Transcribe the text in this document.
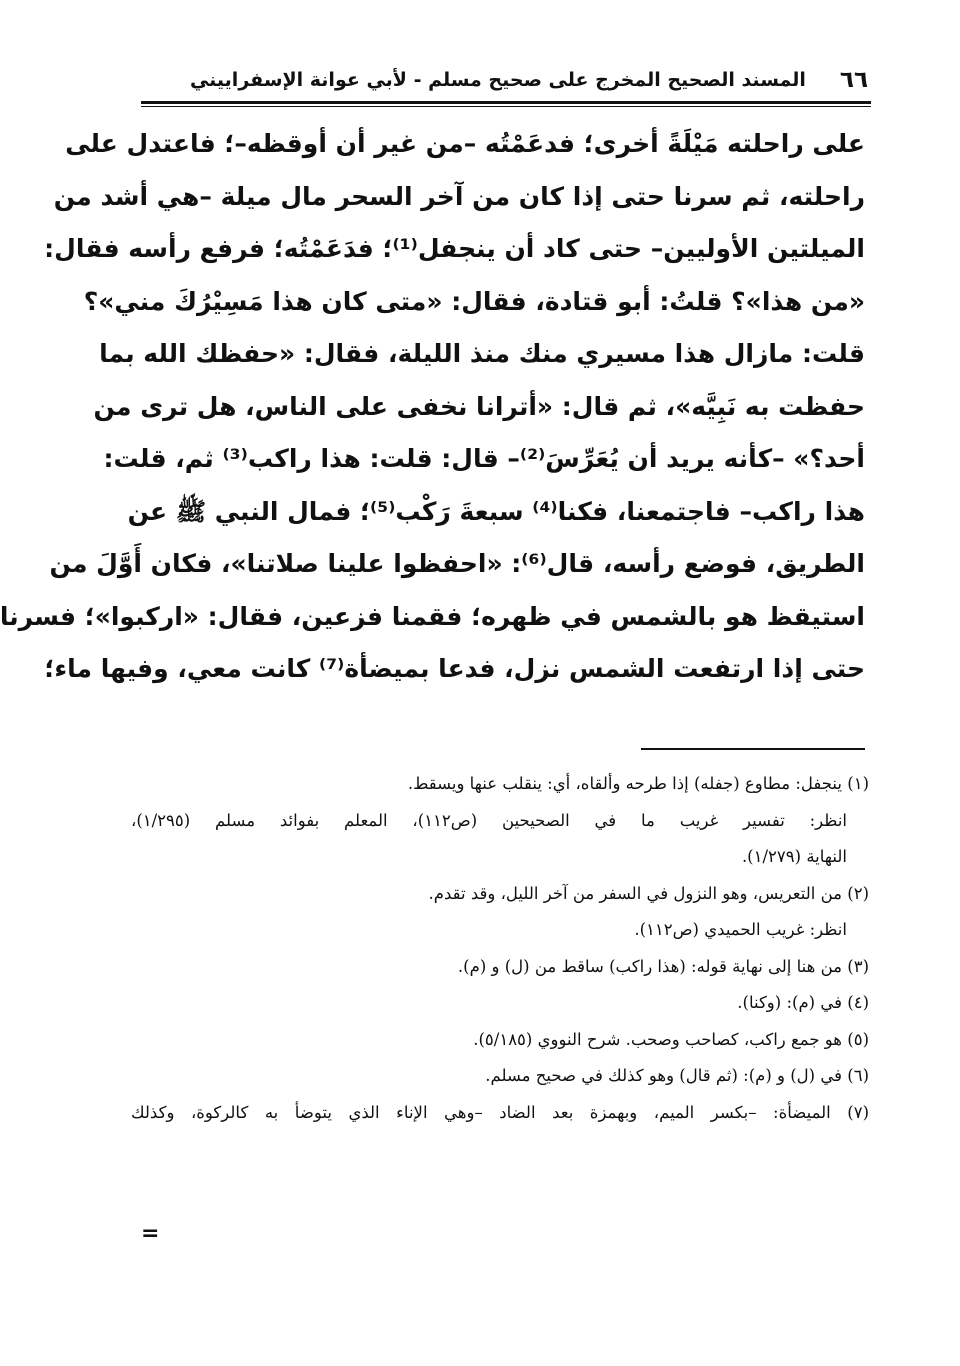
٦٦
المسند الصحيح المخرج على صحيح مسلم - لأبي عوانة الإسفراييني
على راحلته مَيْلَةً أخرى؛ فدعَمْتُه –من غير أن أوقظه–؛ فاعتدل على
راحلته، ثم سرنا حتى إذا كان من آخر السحر مال ميلة –هي أشد من
الميلتين الأوليين– حتى كاد أن ينجفل⁽¹⁾؛ فدَعَمْتُه؛ فرفع رأسه فقال:
«من هذا»؟ قلتُ: أبو قتادة، فقال: «متى كان هذا مَسِيْرُكَ مني»؟
قلت: مازال هذا مسيري منك منذ الليلة، فقال: «حفظك الله بما
حفظت به نَبِيَّه»، ثم قال: «أترانا نخفى على الناس، هل ترى من
أحد؟» –كأنه يريد أن يُعَرِّسَ⁽²⁾– قال: قلت: هذا راكب⁽³⁾ ثم، قلت:
هذا راكب– فاجتمعنا، فكنا⁽⁴⁾ سبعةَ رَكْب⁽⁵⁾؛ فمال النبي ﷺ عن
الطريق، فوضع رأسه، قال⁽⁶⁾: «احفظوا علينا صلاتنا»، فكان أَوَّلَ من
استيقظ هو بالشمس في ظهره؛ فقمنا فزعين، فقال: «اركبوا»؛ فسرنا
حتى إذا ارتفعت الشمس نزل، فدعا بميضأة⁽⁷⁾ كانت معي، وفيها ماء؛
(١) ينجفل: مطاوع (جفله) إذا طرحه وألقاه، أي: ينقلب عنها ويسقط.
انظر: تفسير غريب ما في الصحيحين (ص١١٢)، المعلم بفوائد مسلم (١/٢٩٥)،
النهاية (١/٢٧٩).
(٢) من التعريس، وهو النزول في السفر من آخر الليل، وقد تقدم.
انظر: غريب الحميدي (ص١١٢).
(٣) من هنا إلى نهاية قوله: (هذا راكب) ساقط من (ل) و (م).
(٤) في (م): (وكنا).
(٥) هو جمع راكب، كصاحب وصحب. شرح النووي (٥/١٨٥).
(٦) في (ل) و (م): (ثم قال) وهو كذلك في صحيح مسلم.
(٧) الميضأة: –بكسر الميم، وبهمزة بعد الضاد –وهي الإناء الذي يتوضأ به كالركوة، وكذلك
=
